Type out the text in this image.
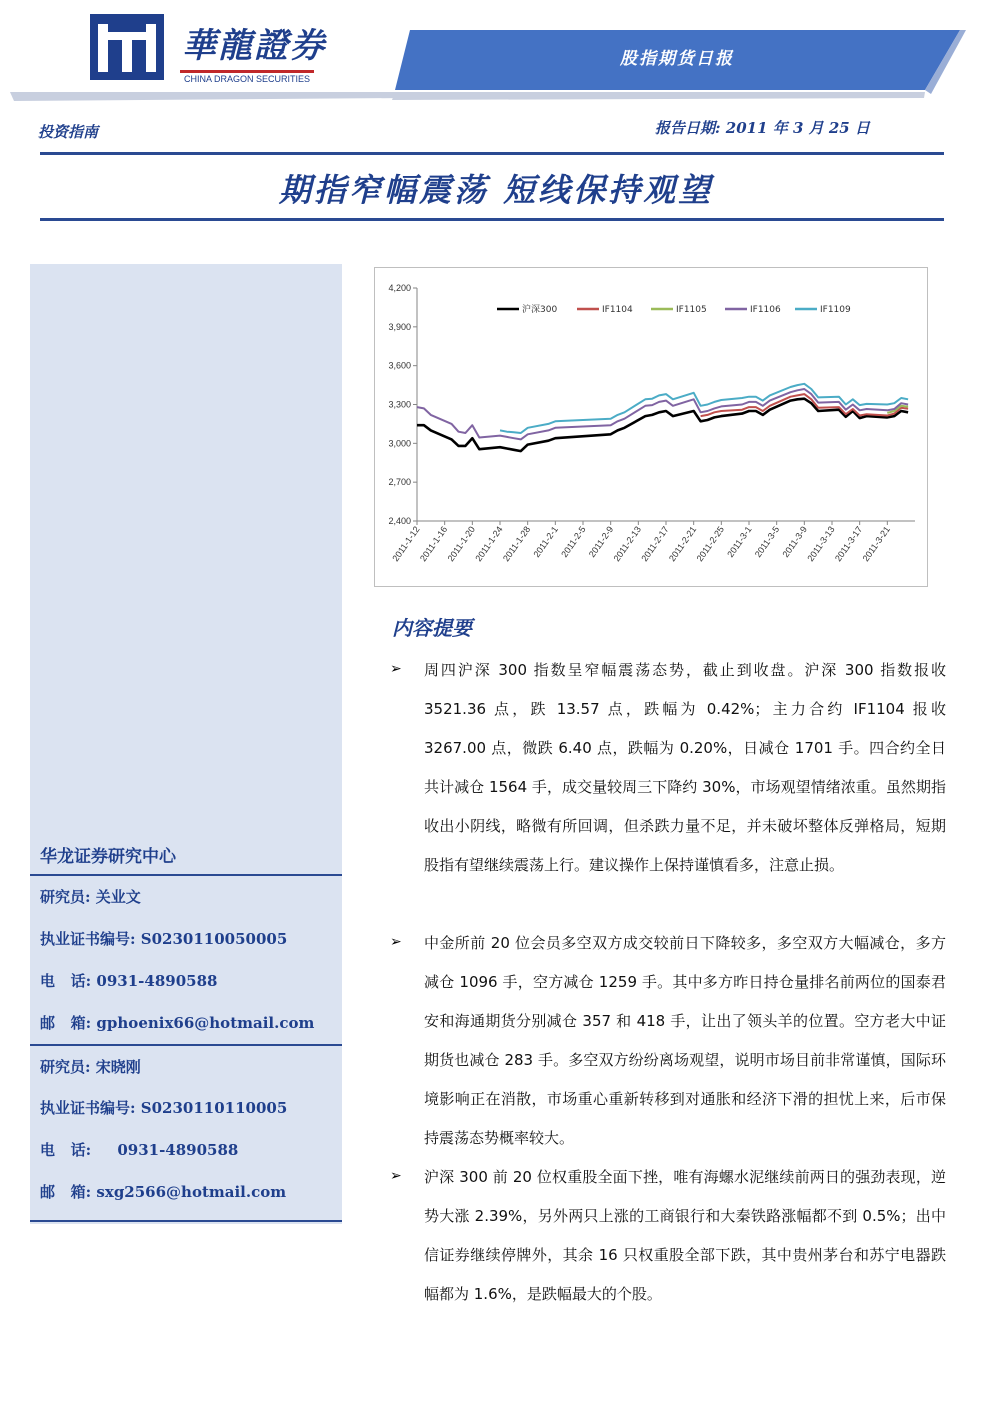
華龍證券
CHINA DRAGON SECURITIES
股指期货日报
投资指南	报告日期: 2011 年 3 月 25 日
期指窄幅震荡 短线保持观望
华龙证券研究中心
研究员: 关业文
执业证书编号: S0230110050005
电   话: 0931-4890588
邮   箱: gphoenix66@hotmail.com
研究员: 宋晓刚
执业证书编号: S0230110110005
电   话:     0931-4890588
邮   箱: sxg2566@hotmail.com
2,400
2,700
3,000
3,300
3,600
3,900
4,200
2011-1-12
2011-1-16
2011-1-20
2011-1-24
2011-1-28 2011-2-1 2011-2-5 2011-2-9
2011-2-13
2011-2-17
2011-2-21
2011-2-25 2011-3-1 2011-3-5 2011-3-9
2011-3-13
2011-3-17
2011-3-21
沪深300	IF1104	IF1105	IF1106	IF1109
内容提要
➢ 周四沪深 300 指数呈窄幅震荡态势，截止到收盘。沪深 300 指数报收 3521.36 点，跌 13.57 点，跌幅为 0.42%；主力合约 IF1104 报收 3267.00 点，微跌 6.40 点，跌幅为 0.20%，日减仓 1701 手。四合约全日共计减仓 1564 手，成交量较周三下降约 30%，市场观望情绪浓重。虽然期指收出小阴线，略微有所回调，但杀跌力量不足，并未破坏整体反弹格局，短期股指有望继续震荡上行。建议操作上保持谨慎看多，注意止损。
➢ 中金所前 20 位会员多空双方成交较前日下降较多，多空双方大幅减仓，多方减仓 1096 手，空方减仓 1259 手。其中多方昨日持仓量排名前两位的国泰君安和海通期货分别减仓 357 和 418 手，让出了领头羊的位置。空方老大中证期货也减仓 283 手。多空双方纷纷离场观望，说明市场目前非常谨慎，国际环境影响正在消散，市场重心重新转移到对通胀和经济下滑的担忧上来，后市保持震荡态势概率较大。
➢ 沪深 300 前 20 位权重股全面下挫，唯有海螺水泥继续前两日的强劲表现，逆势大涨 2.39%，另外两只上涨的工商银行和大秦铁路涨幅都不到 0.5%；出中信证券继续停牌外，其余 16 只权重股全部下跌，其中贵州茅台和苏宁电器跌幅都为 1.6%，是跌幅最大的个股。
